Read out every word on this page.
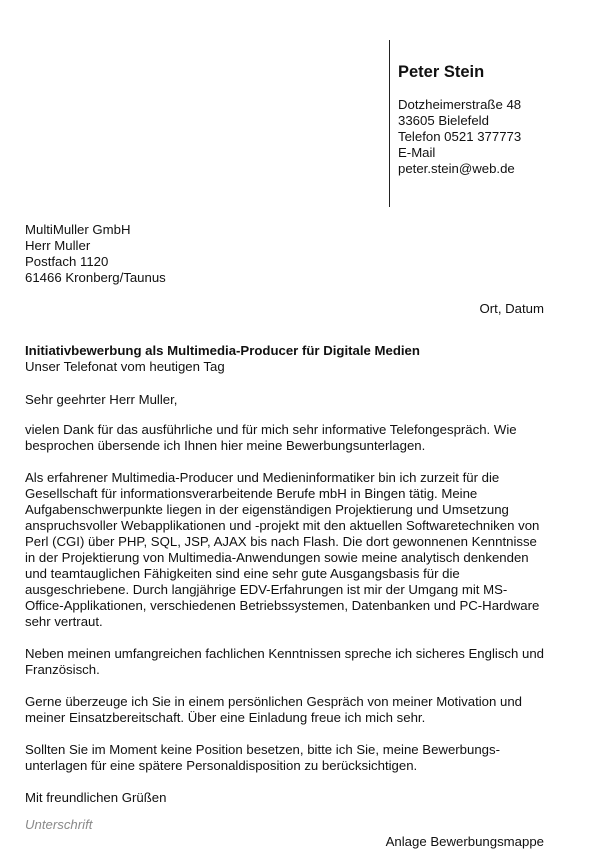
Peter Stein
Dotzheimerstraße 48
33605 Bielefeld
Telefon 0521 377773
E-Mail
peter.stein@web.de
MultiMuller GmbH
Herr Muller
Postfach 1120
61466 Kronberg/Taunus
Ort, Datum
Initiativbewerbung als Multimedia-Producer für Digitale Medien
Unser Telefonat vom heutigen Tag

Sehr geehrter Herr Muller,

vielen Dank für das ausführliche und für mich sehr informative Telefongespräch. Wie besprochen übersende ich Ihnen hier meine Bewerbungsunterlagen.

Als erfahrener Multimedia-Producer und Medieninformatiker bin ich zurzeit für die Gesellschaft für informationsverarbeitende Berufe mbH in Bingen tätig. Meine Aufgabenschwerpunkte liegen in der eigenständigen Projektierung und Umsetzung anspruchsvoller Webapplikationen und -projekt mit den aktuellen Softwaretechniken von Perl (CGI) über PHP, SQL, JSP, AJAX bis nach Flash. Die dort gewonnenen Kenntnisse in der Projektierung von Multimedia-Anwendungen sowie meine analytisch denkenden und teamtauglichen Fähigkeiten sind eine sehr gute Ausgangsbasis für die ausgeschriebene. Durch langjährige EDV-Erfahrungen ist mir der Umgang mit MS-Office-Applikationen, verschiedenen Betriebssystemen, Datenbanken und PC-Hardware sehr vertraut.

Neben meinen umfangreichen fachlichen Kenntnissen spreche ich sicheres Englisch und Französisch.

Gerne überzeuge ich Sie in einem persönlichen Gespräch von meiner Motivation und meiner Einsatzbereitschaft. Über eine Einladung freue ich mich sehr.

Sollten Sie im Moment keine Position besetzen, bitte ich Sie, meine Bewerbungs-unterlagen für eine spätere Personaldisposition zu berücksichtigen.

Mit freundlichen Grüßen

Unterschrift
Anlage Bewerbungsmappe
